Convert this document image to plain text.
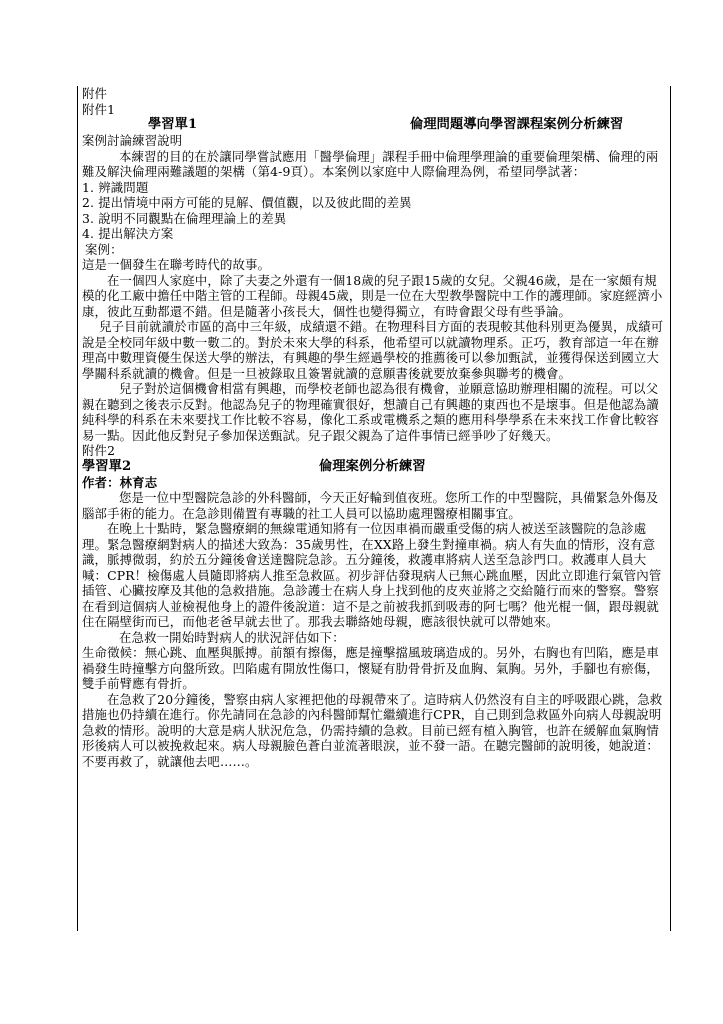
附件
附件1
學習單1	倫理問題導向學習課程案例分析練習
案例討論練習說明

本練習的目的在於讓同學嘗試應用「醫學倫理」課程手冊中倫理學理論的重要倫理架構、倫理的兩難及解決倫理兩難議題的架構（第4-9頁）。本案例以家庭中人際倫理為例，希望同學試著：

1. 辨識問題
2. 提出情境中兩方可能的見解、價值觀，以及彼此間的差異
3. 說明不同觀點在倫理理論上的差異
4. 提出解決方案
案例：
這是一個發生在聯考時代的故事。

在一個四人家庭中，除了夫妻之外還有一個18歲的兒子跟15歲的女兒。父親46歲，是在一家頗有規模的化工廠中擔任中階主管的工程師。母親45歲，則是一位在大型教學醫院中工作的護理師。家庭經濟小康，彼此互動都還不錯。但是隨著小孩長大，個性也變得獨立，有時會跟父母有些爭論。

兒子目前就讀於市區的高中三年級，成績還不錯。在物理科目方面的表現較其他科別更為優異，成績可說是全校同年級中數一數二的。對於未來大學的科系，他希望可以就讀物理系。正巧，教育部這一年在辦理高中數理資優生保送大學的辦法，有興趣的學生經過學校的推薦後可以參加甄試，並獲得保送到國立大學關科系就讀的機會。但是一旦被錄取且簽署就讀的意願書後就要放棄參與聯考的機會。

兒子對於這個機會相當有興趣，而學校老師也認為很有機會，並願意協助辦理相關的流程。可以父親在聽到之後表示反對。他認為兒子的物理確實很好，想讀自己有興趣的東西也不是壞事。但是他認為讀純科學的科系在未來要找工作比較不容易，像化工系或電機系之類的應用科學學系在未來找工作會比較容易一點。因此他反對兒子參加保送甄試。兒子跟父親為了這件事情已經爭吵了好幾天。

附件2
學習單2	倫理案例分析練習
作者：林育志

您是一位中型醫院急診的外科醫師，今天正好輪到值夜班。您所工作的中型醫院，具備緊急外傷及腦部手術的能力。在急診則備置有專職的社工人員可以協助處理醫療相關事宜。

在晚上十點時，緊急醫療網的無線電通知將有一位因車禍而嚴重受傷的病人被送至該醫院的急診處理。緊急醫療網對病人的描述大致為：35歲男性，在XX路上發生對撞車禍。病人有失血的情形，沒有意識，脈搏微弱，約於五分鐘後會送達醫院急診。五分鐘後，救護車將病人送至急診門口。救護車人員大喊：CPR！檢傷處人員隨即將病人推至急救區。初步評估發現病人已無心跳血壓，因此立即進行氣管內管插管、心臟按摩及其他的急救措施。急診護士在病人身上找到他的皮夾並將之交給隨行而來的警察。警察在看到這個病人並檢視他身上的證件後說道：這不是之前被我抓到吸毒的阿七嗎？他光棍一個，跟母親就住在隔壁街而已，而他老爸早就去世了。那我去聯絡她母親，應該很快就可以帶她來。

在急救一開始時對病人的狀況評估如下：

生命徵候：無心跳、血壓與脈搏。前額有擦傷，應是撞擊擋風玻璃造成的。另外，右胸也有凹陷，應是車禍發生時撞擊方向盤所致。凹陷處有開放性傷口，懷疑有肋骨骨折及血胸、氣胸。另外，手腳也有瘀傷，雙手前臂應有骨折。

在急救了20分鐘後，警察由病人家裡把他的母親帶來了。這時病人仍然沒有自主的呼吸跟心跳，急救措施也仍持續在進行。你先請同在急診的內科醫師幫忙繼續進行CPR，自己則到急救區外向病人母親說明急救的情形。說明的大意是病人狀況危急，仍需持續的急救。目前已經有植入胸管，也許在緩解血氣胸情形後病人可以被挽救起來。病人母親臉色蒼白並流著眼淚，並不發一語。在聽完醫師的說明後，她說道：不要再救了，就讓他去吧……。
